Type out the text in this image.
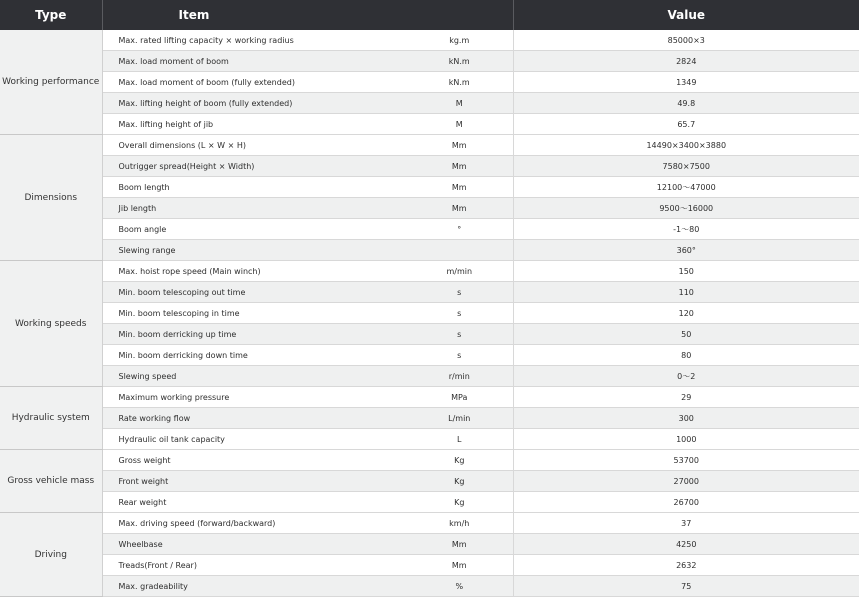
Type	Item		Value
Working performance	Max. rated lifting capacity × working radius	kg.m	85000×3
	Max. load moment of boom	kN.m	2824
	Max. load moment of boom (fully extended)	kN.m	1349
	Max. lifting height of boom (fully extended)	M	49.8
	Max. lifting height of jib	M	65.7
Dimensions	Overall dimensions (L × W × H)	Mm	14490×3400×3880
	Outrigger spread(Height × Width)	Mm	7580×7500
	Boom length	Mm	12100～47000
	Jib length	Mm	9500～16000
	Boom angle	°	-1～80
	Slewing range		360°
Working speeds	Max. hoist rope speed (Main winch)	m/min	150
	Min. boom telescoping out time	s	110
	Min. boom telescoping in time	s	120
	Min. boom derricking up time	s	50
	Min. boom derricking down time	s	80
	Slewing speed	r/min	0～2
Hydraulic system	Maximum working pressure	MPa	29
	Rate working flow	L/min	300
	Hydraulic oil tank capacity	L	1000
Gross vehicle mass	Gross weight	Kg	53700
	Front weight	Kg	27000
	Rear weight	Kg	26700
Driving	Max. driving speed (forward/backward)	km/h	37
	Wheelbase	Mm	4250
	Treads(Front / Rear)	Mm	2632
	Max. gradeability	%	75
